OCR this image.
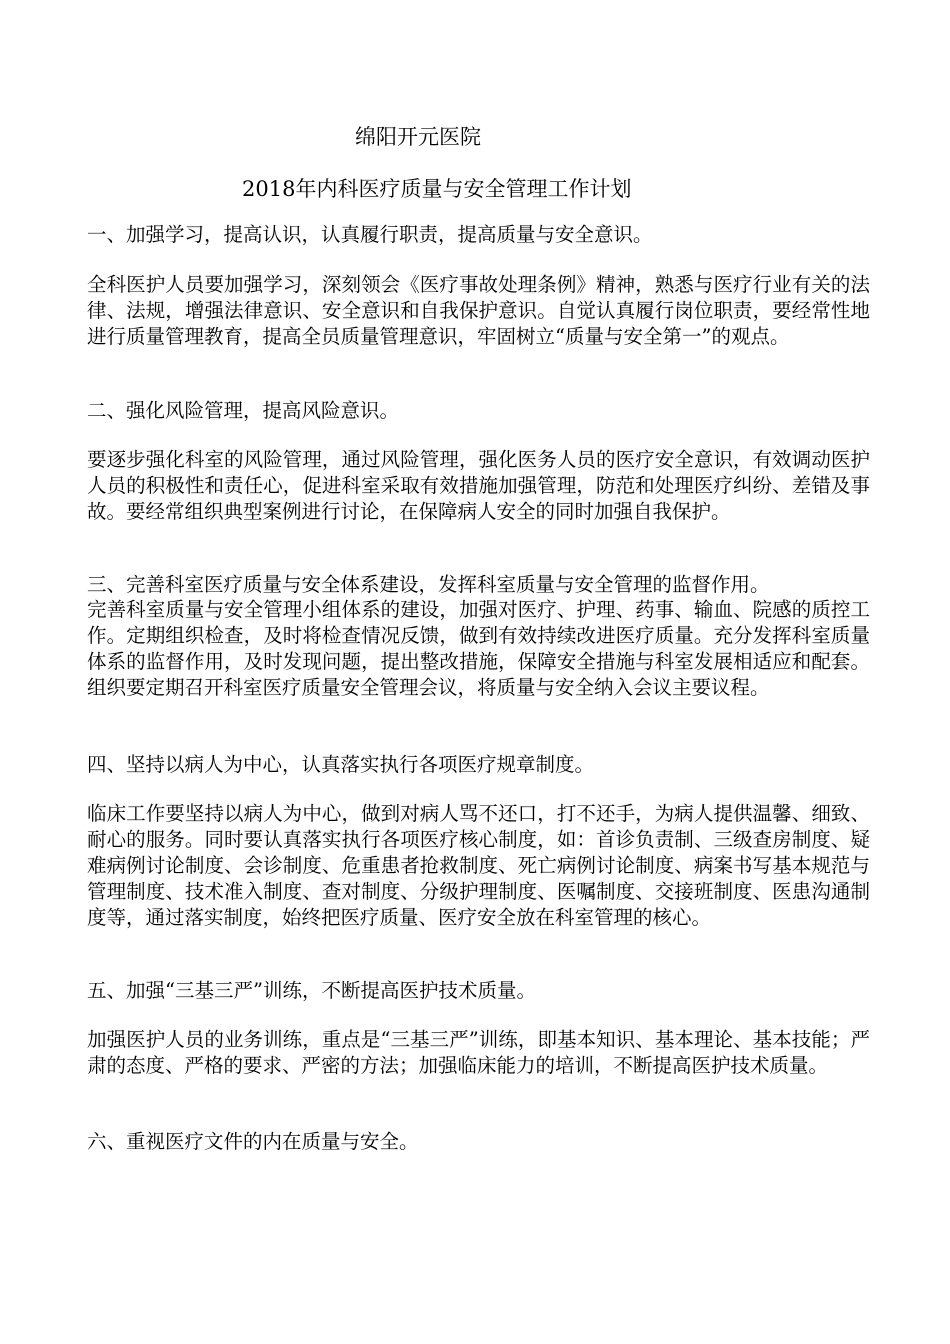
绵阳开元医院
2018年内科医疗质量与安全管理工作计划
一、加强学习，提高认识，认真履行职责，提高质量与安全意识。
全科医护人员要加强学习，深刻领会《医疗事故处理条例》精神，熟悉与医疗行业有关的法律、法规，增强法律意识、安全意识和自我保护意识。自觉认真履行岗位职责，要经常性地进行质量管理教育，提高全员质量管理意识，牢固树立“质量与安全第一”的观点。
二、强化风险管理，提高风险意识。
要逐步强化科室的风险管理，通过风险管理，强化医务人员的医疗安全意识，有效调动医护人员的积极性和责任心，促进科室采取有效措施加强管理，防范和处理医疗纠纷、差错及事故。要经常组织典型案例进行讨论，在保障病人安全的同时加强自我保护。
三、完善科室医疗质量与安全体系建设，发挥科室质量与安全管理的监督作用。
完善科室质量与安全管理小组体系的建设，加强对医疗、护理、药事、输血、院感的质控工作。定期组织检查，及时将检查情况反馈，做到有效持续改进医疗质量。充分发挥科室质量体系的监督作用，及时发现问题，提出整改措施，保障安全措施与科室发展相适应和配套。组织要定期召开科室医疗质量安全管理会议，将质量与安全纳入会议主要议程。
四、坚持以病人为中心，认真落实执行各项医疗规章制度。
临床工作要坚持以病人为中心，做到对病人骂不还口，打不还手，为病人提供温馨、细致、耐心的服务。同时要认真落实执行各项医疗核心制度，如：首诊负责制、三级查房制度、疑难病例讨论制度、会诊制度、危重患者抢救制度、死亡病例讨论制度、病案书写基本规范与管理制度、技术准入制度、查对制度、分级护理制度、医嘱制度、交接班制度、医患沟通制度等，通过落实制度，始终把医疗质量、医疗安全放在科室管理的核心。
五、加强“三基三严”训练，不断提高医护技术质量。
加强医护人员的业务训练，重点是“三基三严”训练，即基本知识、基本理论、基本技能；严肃的态度、严格的要求、严密的方法；加强临床能力的培训，不断提高医护技术质量。
六、重视医疗文件的内在质量与安全。
